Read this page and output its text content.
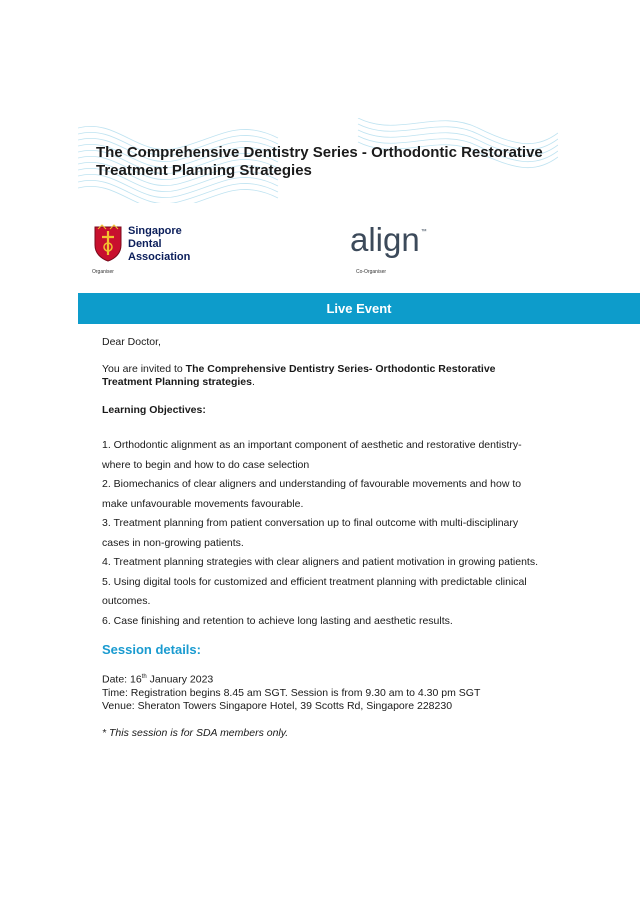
The Comprehensive Dentistry Series - Orthodontic Restorative Treatment Planning Strategies

Singapore
Dental
Association
Organiser
align™
Co-Organiser
Live Event

Dear Doctor,

You are invited to The Comprehensive Dentistry Series- Orthodontic Restorative Treatment Planning strategies.

Learning Objectives:

1. Orthodontic alignment as an important component of aesthetic and restorative dentistry- where to begin and how to do case selection
2. Biomechanics of clear aligners and understanding of favourable movements and how to make unfavourable movements favourable.
3. Treatment planning from patient conversation up to final outcome with multi-disciplinary cases in non-growing patients.
4. Treatment planning strategies with clear aligners and patient motivation in growing patients.
5. Using digital tools for customized and efficient treatment planning with predictable clinical outcomes.
6. Case finishing and retention to achieve long lasting and aesthetic results.

Session details:

Date: 16th January 2023

Time: Registration begins 8.45 am SGT. Session is from 9.30 am to 4.30 pm SGT

Venue: Sheraton Towers Singapore Hotel, 39 Scotts Rd, Singapore 228230

* This session is for SDA members only.
